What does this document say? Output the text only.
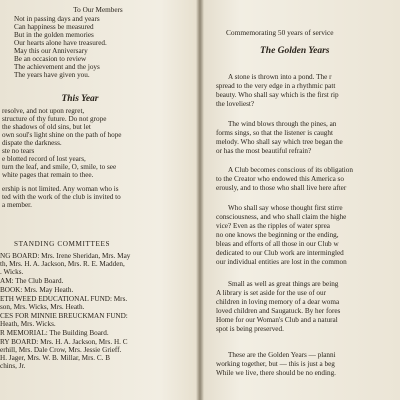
To Our Members
Not in passing days and years
Can happiness be measured
But in the golden memories
Our hearts alone have treasured.
May this our Anniversary
Be an occasion to review
The achievement and the joys
The years have given you.
This Year
resolve, and not upon regret,
structure of thy future. Do not grope
the shadows of old sins, but let
own soul's light shine on the path of hope
dispate the darkness.
ste no tears
e blotted record of lost years,
turn the leaf, and smile, O, smile, to see
white pages that remain to thee.
ership is not limited. Any woman who is
ted with the work of the club is invited to
a member.
STANDING COMMITTEES
NG BOARD: Mrs. Irene Sheridan, Mrs. May
th, Mrs. H. A. Jackson, Mrs. R. E. Madden,
. Wicks.
AM: The Club Board.
BOOK: Mrs. May Heath.
ETH WEED EDUCATIONAL FUND: Mrs.
son, Mrs. Wicks, Mrs. Heath.
CES FOR MINNIE BREUCKMAN FUND:
Heath, Mrs. Wicks.
R MEMORIAL: The Building Board.
RY BOARD: Mrs. H. A. Jackson, Mrs. H. C
erhill, Mrs. Dale Crow, Mrs. Jessie Grieff.
H. Jager, Mrs. W. B. Millar, Mrs. C. B
chins, Jr.
Commemorating 50 years of service
The Golden Years
A stone is thrown into a pond. The r
spread to the very edge in a rhythmic patt
beauty. Who shall say which is the first rip
the loveliest?
The wind blows through the pines, an
forms sings, so that the listener is caught
melody. Who shall say which tree began the
or has the most beautiful refrain?
A Club becomes conscious of its obligation
to the Creator who endowed this America so
erously, and to those who shall live here after
Who shall say whose thought first stirre
consciousness, and who shall claim the highe
vice? Even as the ripples of water sprea
no one knows the beginning or the ending,
bleas and efforts of all those in our Club w
dedicated to our Club work are intermingled
our individual entities are lost in the common
Small as well as great things are being
A library is set aside for the use of our
children in loving memory of a dear woma
loved children and Saugatuck. By her fores
Home for our Woman's Club and a natural
spot is being preserved.
These are the Golden Years — planni
working together, but — this is just a beg
While we live, there should be no ending.
